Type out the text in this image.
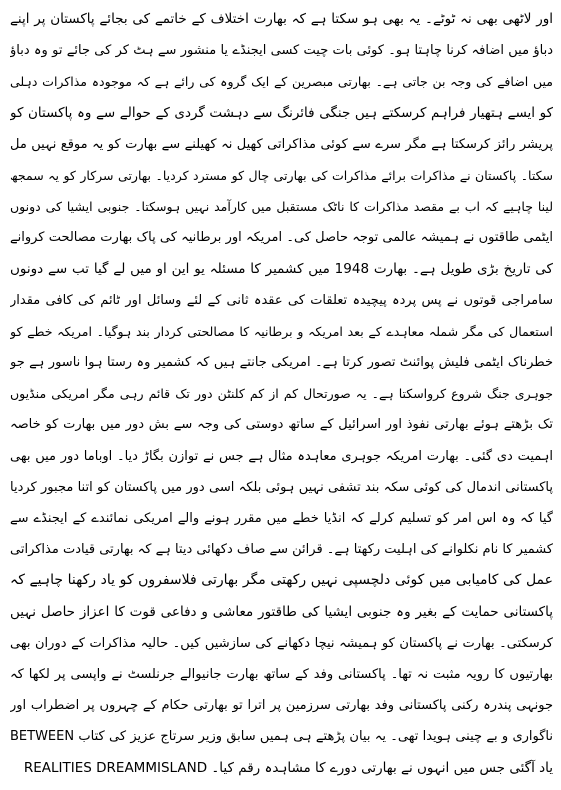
اور لاٹھی بھی نہ ٹوٹے۔ یہ بھی ہو سکتا ہے کہ بھارت اختلاف کے خاتمے کی بجائے پاکستان پر اپنے
دباؤ میں اضافہ کرنا چاہتا ہو۔ کوئی بات چیت کسی ایجنڈے یا منشور سے ہٹ کر کی جائے تو وہ دباؤ
میں اضافے کی وجہ بن جاتی ہے۔ بھارتی مبصرین کے ایک گروہ کی رائے ہے کہ موجودہ مذاکرات دہلی
کو ایسے ہتھیار فراہم کرسکتے ہیں جنگی فائرنگ سے دہشت گردی کے حوالے سے وہ پاکستان کو
پریشر رائز کرسکتا ہے مگر سرے سے کوئی مذاکراتی کھیل نہ کھیلنے سے بھارت کو یہ موقع نہیں مل
سکتا۔ پاکستان نے مذاکرات برائے مذاکرات کی بھارتی چال کو مسترد کردیا۔ بھارتی سرکار کو یہ سمجھ
لینا چاہیے کہ اب بے مقصد مذاکرات کا ناٹک مستقبل میں کارآمد نہیں ہوسکتا۔ جنوبی ایشیا کی دونوں
ایٹمی طاقتوں نے ہمیشہ عالمی توجہ حاصل کی۔ امریکہ اور برطانیہ کی پاک بھارت مصالحت کروانے
کی تاریخ بڑی طویل ہے۔ بھارت 1948 میں کشمیر کا مسئلہ یو این او میں لے گیا تب سے دونوں
سامراجی قوتوں نے پس پردہ پیچیدہ تعلقات کی عقدہ ثانی کے لئے وسائل اور ٹائم کی کافی مقدار
استعمال کی مگر شملہ معاہدے کے بعد امریکہ و برطانیہ کا مصالحتی کردار بند ہوگیا۔ امریکہ خطے کو
خطرناک ایٹمی فلیش پوائنٹ تصور کرتا ہے۔ امریکی جانتے ہیں کہ کشمیر وہ رستا ہوا ناسور ہے جو
جوہری جنگ شروع کرواسکتا ہے۔ یہ صورتحال کم از کم کلنٹن دور تک قائم رہی مگر امریکی منڈیوں
تک بڑھتے ہوئے بھارتی نفوذ اور اسرائیل کے ساتھ دوستی کی وجہ سے بش دور میں بھارت کو خاصہ
اہمیت دی گئی۔ بھارت امریکہ جوہری معاہدہ مثال ہے جس نے توازن بگاڑ دیا۔ اوباما دور میں بھی
پاکستانی اندمال کی کوئی سکہ بند تشفی نہیں ہوئی بلکہ اسی دور میں پاکستان کو اتنا مجبور کردیا
گیا کہ وہ اس امر کو تسلیم کرلے کہ انڈیا خطے میں مقرر ہونے والے امریکی نمائندے کے ایجنڈے سے
کشمیر کا نام نکلوانے کی اہلیت رکھتا ہے۔ قرائن سے صاف دکھائی دیتا ہے کہ بھارتی قیادت مذاکراتی
عمل کی کامیابی میں کوئی دلچسپی نہیں رکھتی مگر بھارتی فلاسفروں کو یاد رکھنا چاہیے کہ
پاکستانی حمایت کے بغیر وہ جنوبی ایشیا کی طاقتور معاشی و دفاعی قوت کا اعزاز حاصل نہیں
کرسکتی۔ بھارت نے پاکستان کو ہمیشہ نیچا دکھانے کی سازشیں کیں۔ حالیہ مذاکرات کے دوران بھی
بھارتیوں کا رویہ مثبت نہ تھا۔ پاکستانی وفد کے ساتھ بھارت جانیوالے جرنلسٹ نے واپسی پر لکھا کہ
جونہی پندرہ رکنی پاکستانی وفد بھارتی سرزمین پر اترا تو بھارتی حکام کے چہروں پر اضطراب اور
ناگواری و بے چینی ہویدا تھی۔ یہ بیان پڑھتے ہی ہمیں سابق وزیر سرتاج عزیز کی کتاب BETWEEN
REALITIES DREAMMISLAND یاد آگئی جس میں انہوں نے بھارتی دورے کا مشاہدہ رقم کیا۔
